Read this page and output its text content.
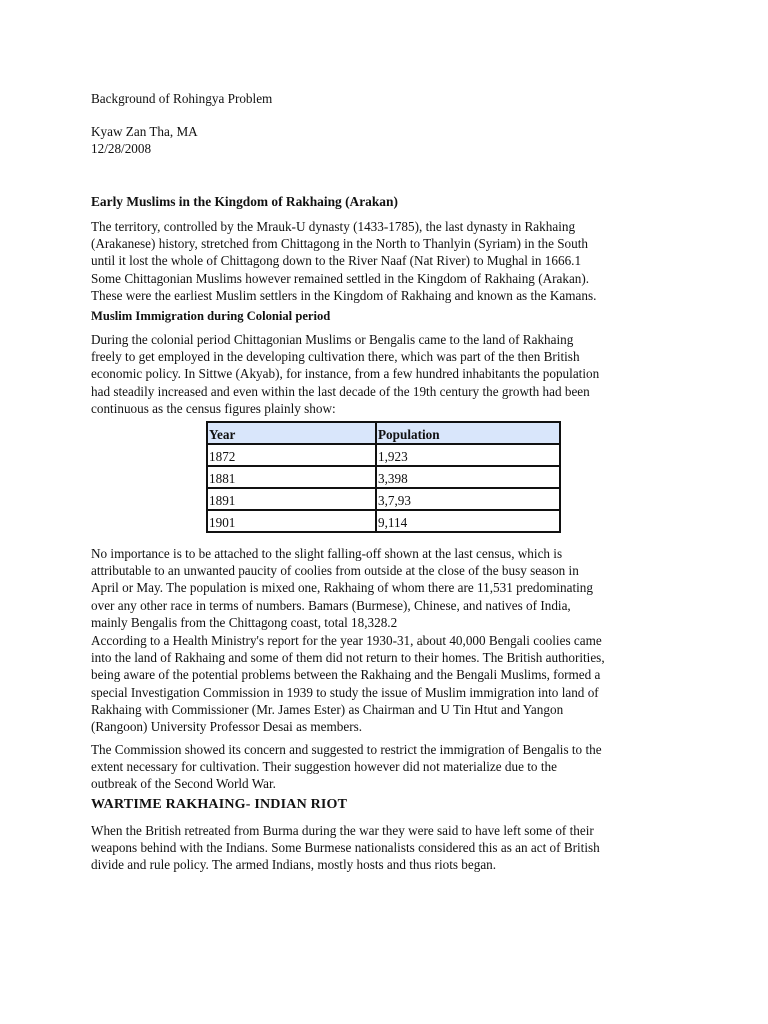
Background of Rohingya Problem

Kyaw Zan Tha, MA

12/28/2008

Early Muslims in the Kingdom of Rakhaing (Arakan)

The territory, controlled by the Mrauk-U dynasty (1433-1785), the last dynasty in Rakhaing

(Arakanese) history, stretched from Chittagong in the North to Thanlyin (Syriam) in the South

until it lost the whole of Chittagong down to the River Naaf (Nat River) to Mughal in 1666.1

Some Chittagonian Muslims however remained settled in the Kingdom of Rakhaing (Arakan).

These were the earliest Muslim settlers in the Kingdom of Rakhaing and known as the Kamans.

Muslim Immigration during Colonial period

During the colonial period Chittagonian Muslims or Bengalis came to the land of Rakhaing

freely to get employed in the developing cultivation there, which was part of the then British

economic policy. In Sittwe (Akyab), for instance, from a few hundred inhabitants the population

had steadily increased and even within the last decade of the 19th century the growth had been

continuous as the census figures plainly show:

Year	Population
1872	1,923
1881	3,398
1891	3,7,93
1901	9,114

No importance is to be attached to the slight falling-off shown at the last census, which is

attributable to an unwanted paucity of coolies from outside at the close of the busy season in

April or May. The population is mixed one, Rakhaing of whom there are 11,531 predominating

over any other race in terms of numbers. Bamars (Burmese), Chinese, and natives of India,

mainly Bengalis from the Chittagong coast, total 18,328.2

According to a Health Ministry's report for the year 1930-31, about 40,000 Bengali coolies came

into the land of Rakhaing and some of them did not return to their homes. The British authorities,

being aware of the potential problems between the Rakhaing and the Bengali Muslims, formed a

special Investigation Commission in 1939 to study the issue of Muslim immigration into land of

Rakhaing with Commissioner (Mr. James Ester) as Chairman and U Tin Htut and Yangon

(Rangoon) University Professor Desai as members.

The Commission showed its concern and suggested to restrict the immigration of Bengalis to the

extent necessary for cultivation. Their suggestion however did not materialize due to the

outbreak of the Second World War.

WARTIME RAKHAING- INDIAN RIOT

When the British retreated from Burma during the war they were said to have left some of their

weapons behind with the Indians. Some Burmese nationalists considered this as an act of British

divide and rule policy. The armed Indians, mostly hosts and thus riots began.
